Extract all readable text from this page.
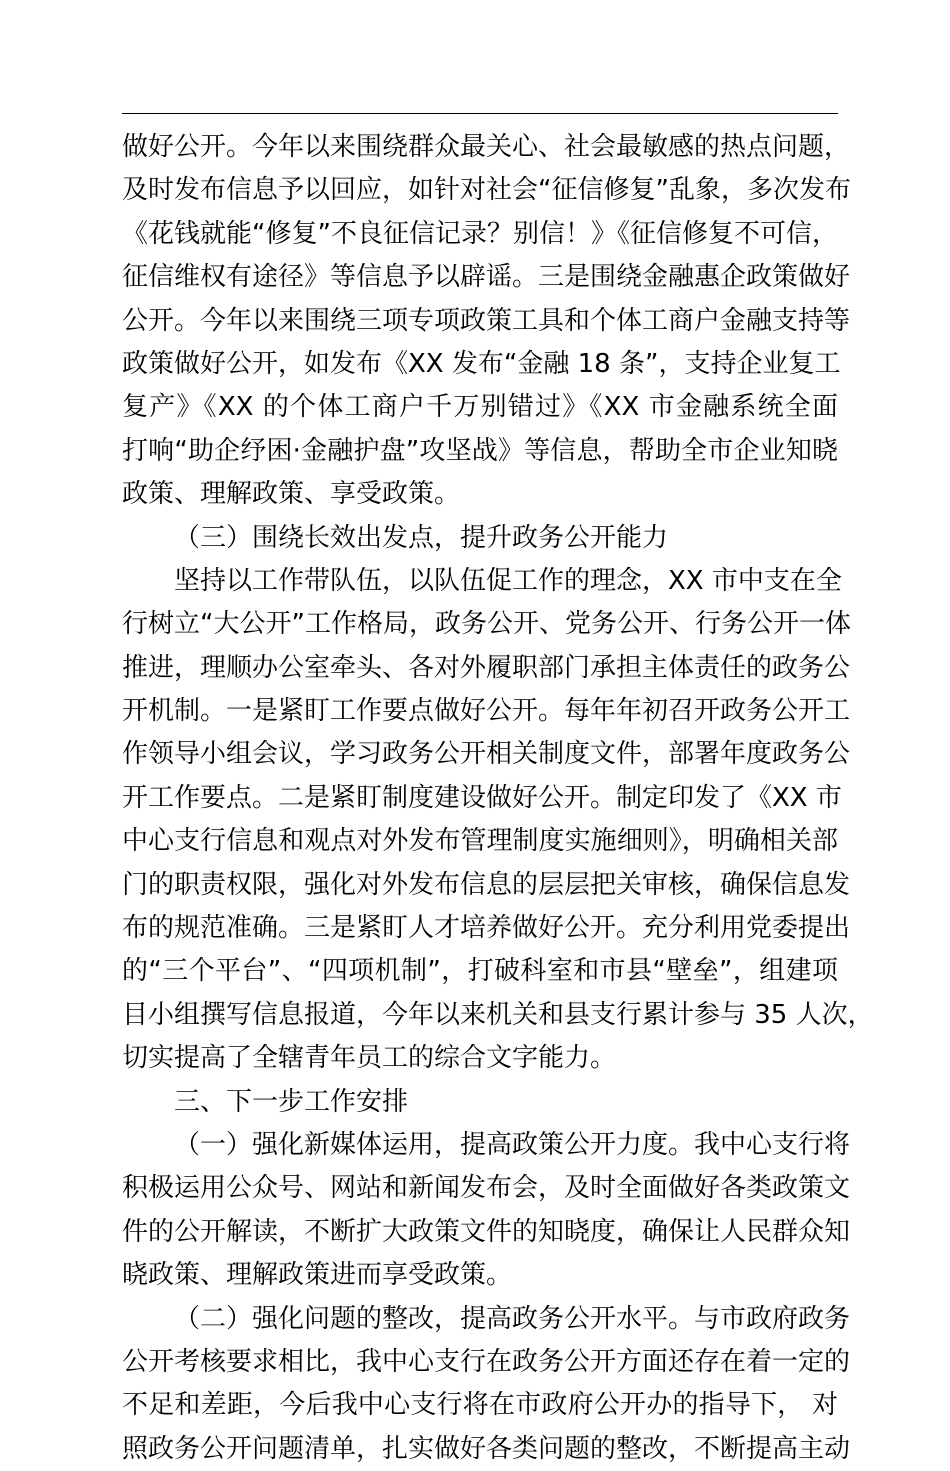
做好公开。今年以来围绕群众最关心、社会最敏感的热点问题，
及时发布信息予以回应，如针对社会“征信修复”乱象，多次发布
《花钱就能“修复”不良征信记录？别信！》《征信修复不可信，
征信维权有途径》等信息予以辟谣。三是围绕金融惠企政策做好
公开。今年以来围绕三项专项政策工具和个体工商户金融支持等
政策做好公开，如发布《XX 发布“金融 18 条”，支持企业复工
复产》《XX 的个体工商户千万别错过》《XX 市金融系统全面
打响“助企纾困·金融护盘”攻坚战》等信息，帮助全市企业知晓
政策、理解政策、享受政策。
（三）围绕长效出发点，提升政务公开能力
坚持以工作带队伍，以队伍促工作的理念，XX 市中支在全
行树立“大公开”工作格局，政务公开、党务公开、行务公开一体
推进，理顺办公室牵头、各对外履职部门承担主体责任的政务公
开机制。一是紧盯工作要点做好公开。每年年初召开政务公开工
作领导小组会议，学习政务公开相关制度文件，部署年度政务公
开工作要点。二是紧盯制度建设做好公开。制定印发了《XX 市
中心支行信息和观点对外发布管理制度实施细则》，明确相关部
门的职责权限，强化对外发布信息的层层把关审核，确保信息发
布的规范准确。三是紧盯人才培养做好公开。充分利用党委提出
的“三个平台”、“四项机制”，打破科室和市县“壁垒”，组建项
目小组撰写信息报道，今年以来机关和县支行累计参与 35 人次，
切实提高了全辖青年员工的综合文字能力。
三、下一步工作安排
（一）强化新媒体运用，提高政策公开力度。我中心支行将
积极运用公众号、网站和新闻发布会，及时全面做好各类政策文
件的公开解读，不断扩大政策文件的知晓度，确保让人民群众知
晓政策、理解政策进而享受政策。
（二）强化问题的整改，提高政务公开水平。与市政府政务
公开考核要求相比，我中心支行在政务公开方面还存在着一定的
不足和差距，今后我中心支行将在市政府公开办的指导下， 对
照政务公开问题清单，扎实做好各类问题的整改，不断提高主动
